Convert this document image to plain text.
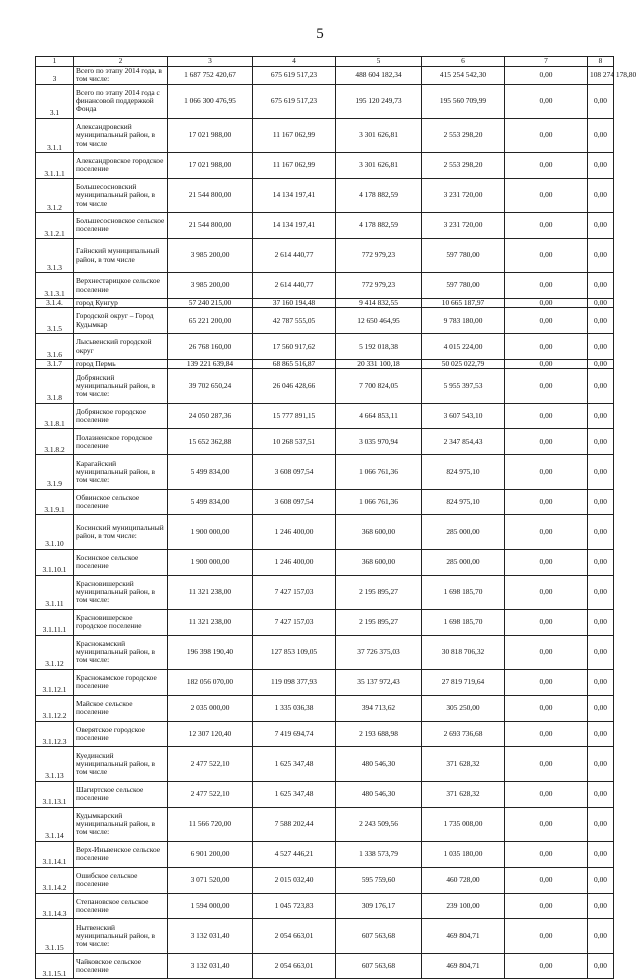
5
1	2	3	4	5	6	7	8
3	Всего по этапу 2014 года, в том числе:	1 687 752 420,67	675 619 517,23	488 604 182,34	415 254 542,30	0,00	108 274 178,80
3.1	Всего по этапу 2014 года с финансовой поддержкой Фонда	1 066 300 476,95	675 619 517,23	195 120 249,73	195 560 709,99	0,00	0,00
3.1.1	Александровский муниципальный район, в том числе	17 021 988,00	11 167 062,99	3 301 626,81	2 553 298,20	0,00	0,00
3.1.1.1	Александровское городское поселение	17 021 988,00	11 167 062,99	3 301 626,81	2 553 298,20	0,00	0,00
3.1.2	Большесосновский муниципальный район, в том числе	21 544 800,00	14 134 197,41	4 178 882,59	3 231 720,00	0,00	0,00
3.1.2.1	Большесосновское сельское поселение	21 544 800,00	14 134 197,41	4 178 882,59	3 231 720,00	0,00	0,00
3.1.3	Гайнский муниципальный район, в том числе	3 985 200,00	2 614 440,77	772 979,23	597 780,00	0,00	0,00
3.1.3.1	Верхнестарицкое сельское поселение	3 985 200,00	2 614 440,77	772 979,23	597 780,00	0,00	0,00
3.1.4.	город Кунгур	57 240 215,00	37 160 194,48	9 414 832,55	10 665 187,97	0,00	0,00
3.1.5	Городской округ – Город Кудымкар	65 221 200,00	42 787 555,05	12 650 464,95	9 783 180,00	0,00	0,00
3.1.6	Лысьвенский городской округ	26 768 160,00	17 560 917,62	5 192 018,38	4 015 224,00	0,00	0,00
3.1.7	город Пермь	139 221 639,84	68 865 516,87	20 331 100,18	50 025 022,79	0,00	0,00
3.1.8	Добрянский муниципальный район, в том числе:	39 702 650,24	26 046 428,66	7 700 824,05	5 955 397,53	0,00	0,00
3.1.8.1	Добрянское городское поселение	24 050 287,36	15 777 891,15	4 664 853,11	3 607 543,10	0,00	0,00
3.1.8.2	Полазненское городское поселение	15 652 362,88	10 268 537,51	3 035 970,94	2 347 854,43	0,00	0,00
3.1.9	Карагайский муниципальный район, в том числе:	5 499 834,00	3 608 097,54	1 066 761,36	824 975,10	0,00	0,00
3.1.9.1	Обвинское сельское поселение	5 499 834,00	3 608 097,54	1 066 761,36	824 975,10	0,00	0,00
3.1.10	Косинский муниципальный район, в том числе:	1 900 000,00	1 246 400,00	368 600,00	285 000,00	0,00	0,00
3.1.10.1	Косинское сельское поселение	1 900 000,00	1 246 400,00	368 600,00	285 000,00	0,00	0,00
3.1.11	Красновишерский муниципальный район, в том числе:	11 321 238,00	7 427 157,03	2 195 895,27	1 698 185,70	0,00	0,00
3.1.11.1	Красновишерское городское поселение	11 321 238,00	7 427 157,03	2 195 895,27	1 698 185,70	0,00	0,00
3.1.12	Краснокамский муниципальный район, в том числе:	196 398 190,40	127 853 109,05	37 726 375,03	30 818 706,32	0,00	0,00
3.1.12.1	Краснокамское городское поселение	182 056 070,00	119 098 377,93	35 137 972,43	27 819 719,64	0,00	0,00
3.1.12.2	Майское сельское поселение	2 035 000,00	1 335 036,38	394 713,62	305 250,00	0,00	0,00
3.1.12.3	Оверятское городское поселение	12 307 120,40	7 419 694,74	2 193 688,98	2 693 736,68	0,00	0,00
3.1.13	Куединский муниципальный район, в том числе	2 477 522,10	1 625 347,48	480 546,30	371 628,32	0,00	0,00
3.1.13.1	Шагиртское сельское поселение	2 477 522,10	1 625 347,48	480 546,30	371 628,32	0,00	0,00
3.1.14	Кудымкарский муниципальный район, в том числе:	11 566 720,00	7 588 202,44	2 243 509,56	1 735 008,00	0,00	0,00
3.1.14.1	Верх-Иньвенское сельское поселение	6 901 200,00	4 527 446,21	1 338 573,79	1 035 180,00	0,00	0,00
3.1.14.2	Ошибское сельское поселение	3 071 520,00	2 015 032,40	595 759,60	460 728,00	0,00	0,00
3.1.14.3	Степановское сельское поселение	1 594 000,00	1 045 723,83	309 176,17	239 100,00	0,00	0,00
3.1.15	Нытвенский муниципальный район, в том числе:	3 132 031,40	2 054 663,01	607 563,68	469 804,71	0,00	0,00
3.1.15.1	Чайковское сельское поселение	3 132 031,40	2 054 663,01	607 563,68	469 804,71	0,00	0,00
